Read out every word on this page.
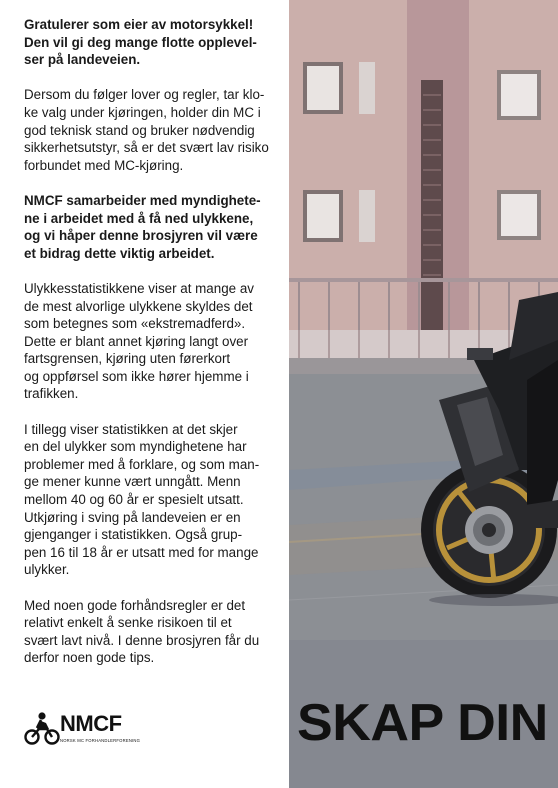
Gratulerer som eier av motorsykkel!
Den vil gi deg mange flotte opplevel-
ser på landeveien.

Dersom du følger lover og regler, tar klo-
ke valg under kjøringen, holder din MC i
god teknisk stand og bruker nødvendig
sikkerhetsutstyr, så er det svært lav risiko
forbundet med MC-kjøring.

NMCF samarbeider med myndighete-
ne i arbeidet med å få ned ulykkene,
og vi håper denne brosjyren vil være
et bidrag dette viktig arbeidet.

Ulykkesstatistikkene viser at mange av
de mest alvorlige ulykkene skyldes det
som betegnes som «ekstremadferd».
Dette er blant annet kjøring langt over
fartsgrensen, kjøring uten førerkort
og oppførsel som ikke hører hjemme i
trafikken.

I tillegg viser statistikken at det skjer
en del ulykker som myndighetene har
problemer med å forklare, og som man-
ge mener kunne vært unngått. Menn
mellom 40 og 60 år er spesielt utsatt.
Utkjøring i sving på landeveien er en
gjenganger i statistikken. Også grup-
pen 16 til 18 år er utsatt med for mange
ulykker.

Med noen gode forhåndsregler er det
relativt enkelt å senke risikoen til et
svært lavt nivå. I denne brosjyren får du
derfor noen gode tips.

NMCF
NORSK MC FORHANDLERFORENING	SKAP DIN
